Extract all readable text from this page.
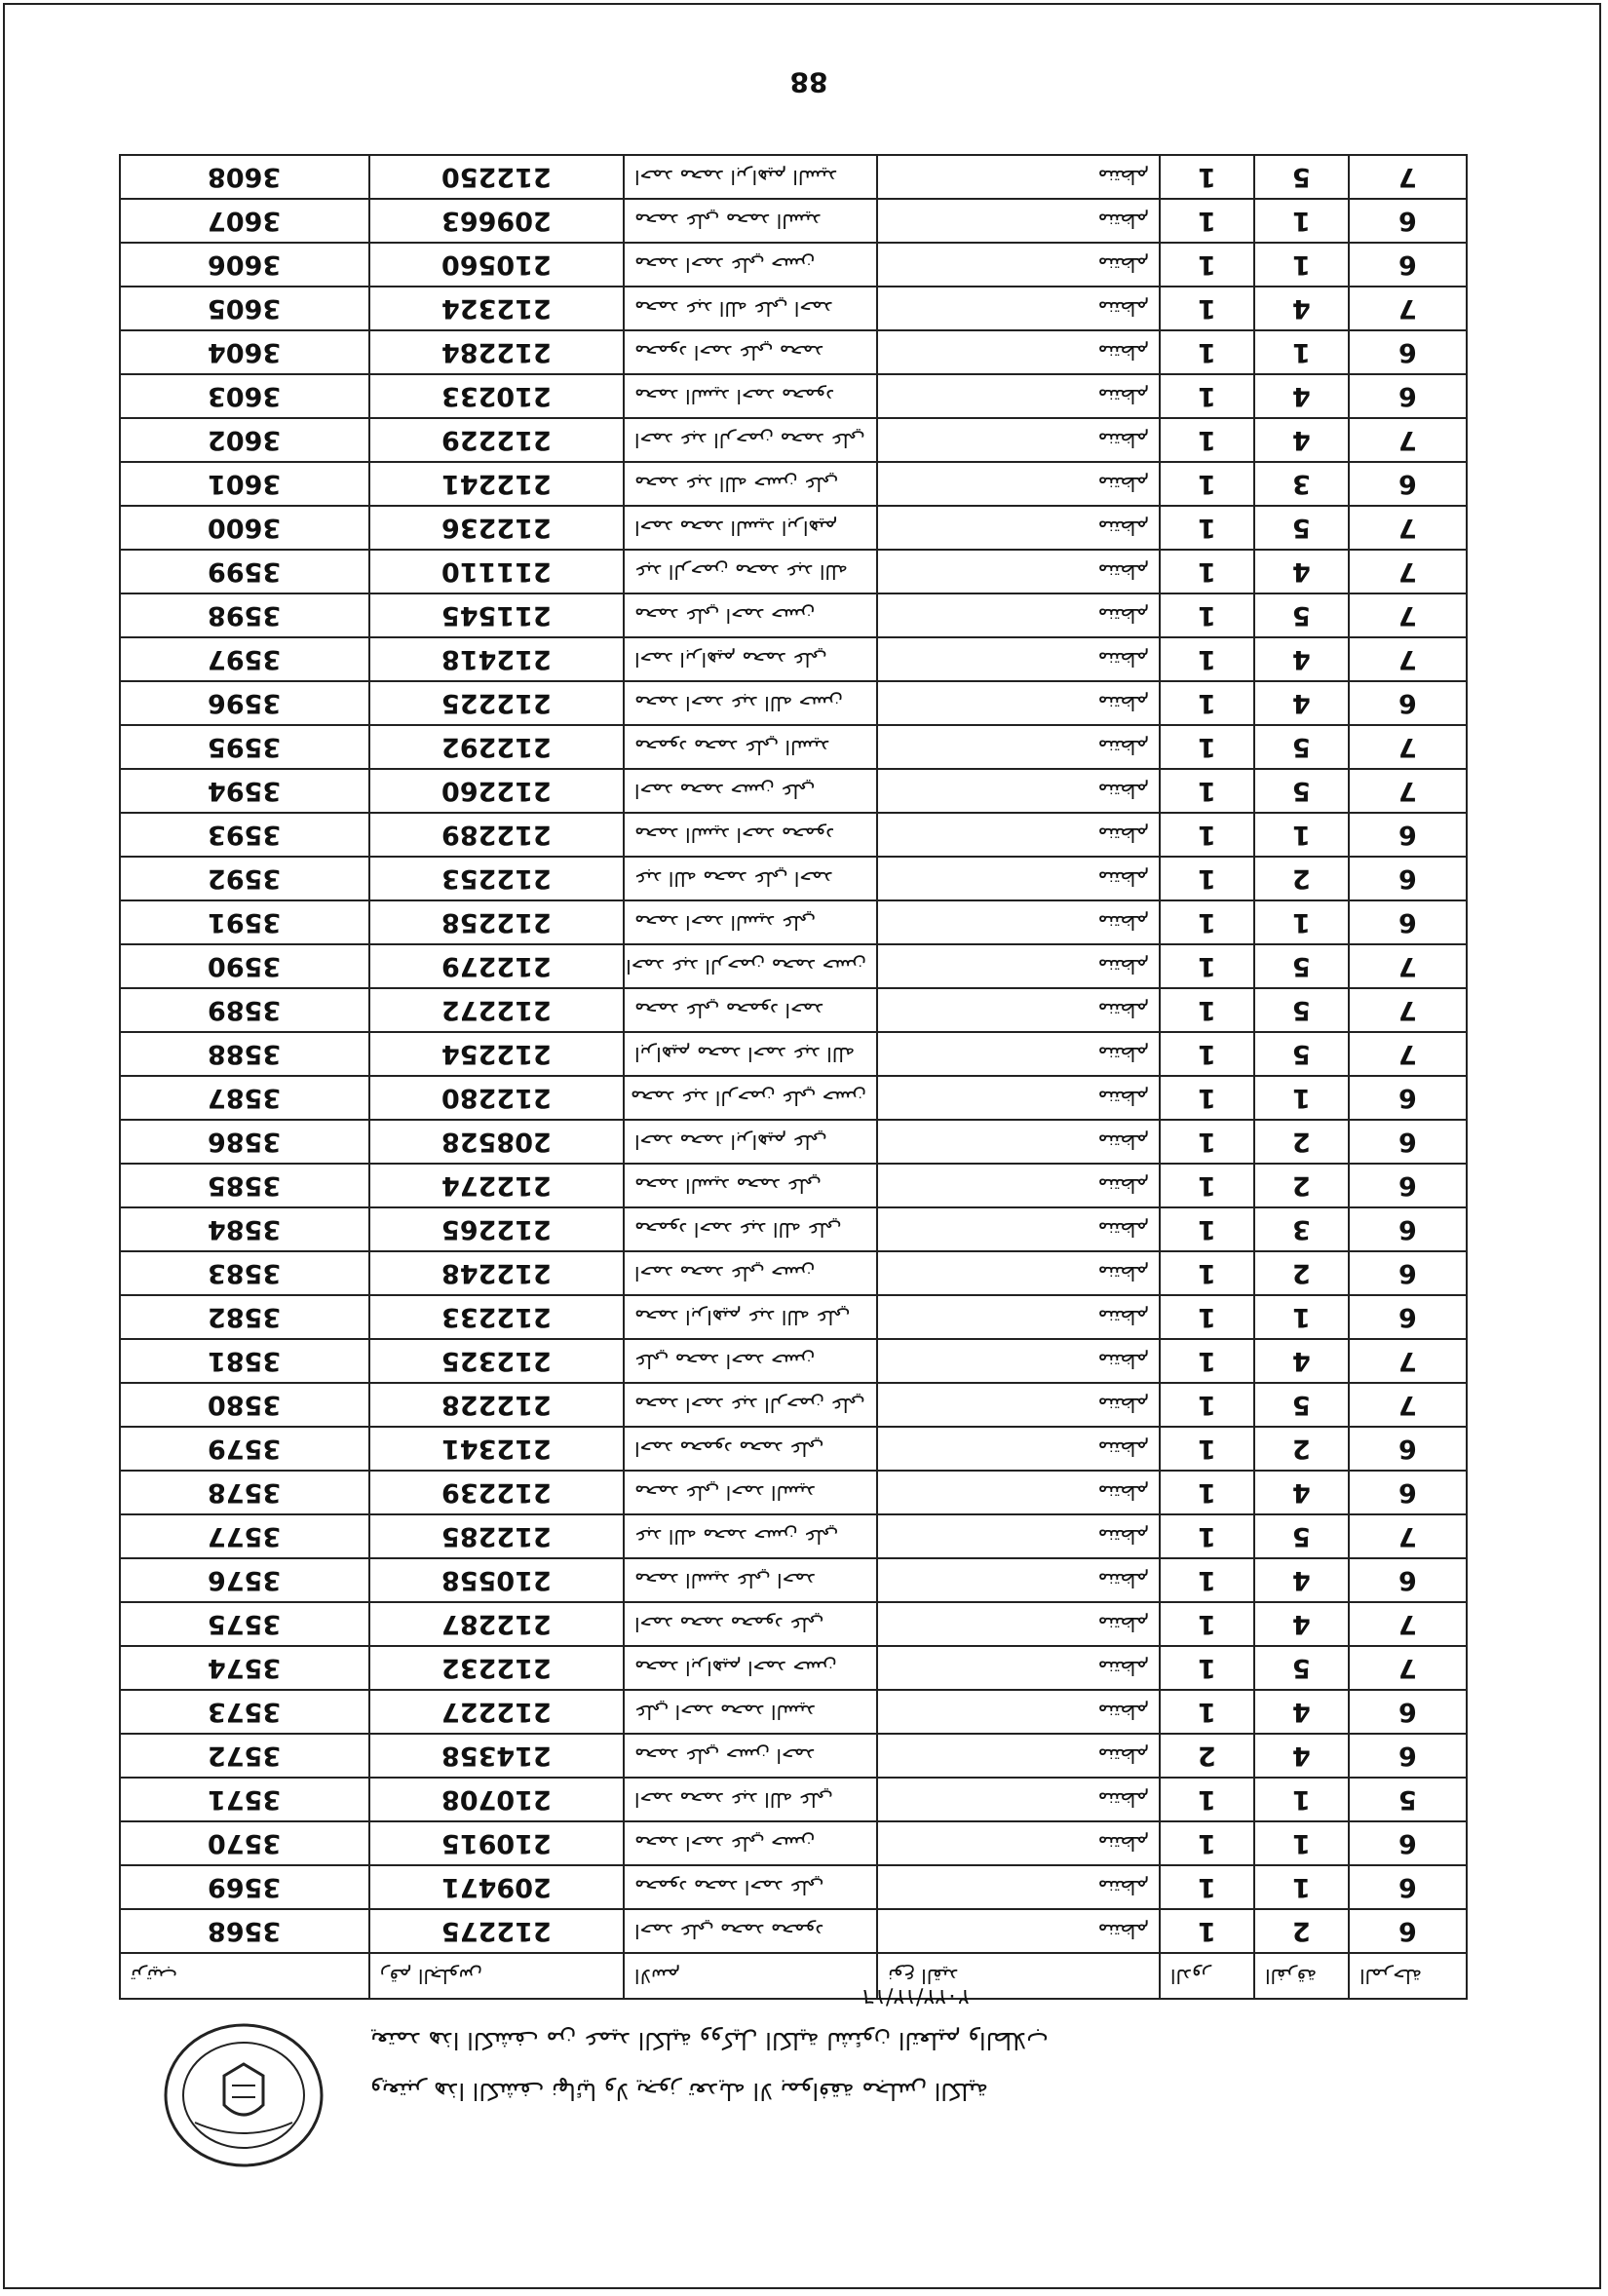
88
3608	212250	احمد محمد ابراهيم السيد	منتظم	1	5	7
3607	209663	محمد علي محمد السيد	منتظم	1	1	6
3606	210560	محمد احمد علي حسن	منتظم	1	1	6
3605	212324	محمد عبد الله علي احمد	منتظم	1	4	7
3604	212284	محمود احمد علي محمد	منتظم	1	1	6
3603	210233	محمد السيد احمد محمود	منتظم	1	4	6
3602	212229	احمد عبد الرحمن محمد علي	منتظم	1	4	7
3601	212241	محمد عبد الله حسن علي	منتظم	1	3	6
3600	212236	احمد محمد السيد ابراهيم	منتظم	1	5	7
3599	211110	عبد الرحمن محمد عبد الله	منتظم	1	4	7
3598	211545	محمد علي احمد حسن	منتظم	1	5	7
3597	212418	احمد ابراهيم محمد علي	منتظم	1	4	7
3596	212225	محمد احمد عبد الله حسن	منتظم	1	4	6
3595	212292	محمود محمد علي السيد	منتظم	1	5	7
3594	212260	احمد محمد حسن علي	منتظم	1	5	7
3593	212289	محمد السيد احمد محمود	منتظم	1	1	6
3592	212253	عبد الله محمد علي احمد	منتظم	1	2	6
3591	212258	محمد احمد السيد علي	منتظم	1	1	6
3590	212279	احمد عبد الرحمن محمد حسن	منتظم	1	5	7
3589	212272	محمد علي محمود احمد	منتظم	1	5	7
3588	212254	ابراهيم محمد احمد عبد الله	منتظم	1	5	7
3587	212280	محمد عبد الرحمن علي حسن	منتظم	1	1	6
3586	208528	احمد محمد ابراهيم علي	منتظم	1	2	6
3585	212274	محمد السيد محمد علي	منتظم	1	2	6
3584	212265	محمود احمد عبد الله علي	منتظم	1	3	6
3583	212248	احمد محمد علي حسن	منتظم	1	2	6
3582	212233	محمد ابراهيم عبد الله علي	منتظم	1	1	6
3581	212325	علي محمد احمد حسن	منتظم	1	4	7
3580	212228	محمد احمد عبد الرحمن علي	منتظم	1	5	7
3579	212341	احمد محمود محمد علي	منتظم	1	2	6
3578	212239	محمد علي احمد السيد	منتظم	1	4	6
3577	212285	عبد الله محمد حسن علي	منتظم	1	5	7
3576	210558	محمد السيد علي احمد	منتظم	1	4	6
3575	212287	احمد محمد محمود علي	منتظم	1	4	7
3574	212232	محمد ابراهيم احمد حسن	منتظم	1	5	7
3573	212227	علي احمد محمد السيد	منتظم	1	4	6
3572	214358	محمد علي حسن احمد	منتظم	2	4	6
3571	210708	احمد محمد عبد الله علي	منتظم	1	1	5
3570	210915	محمد احمد علي حسن	منتظم	1	1	6
3569	209471	محمود محمد احمد علي	منتظم	1	1	6
3568	212275	احمد علي محمد محمود	منتظم	1	2	6

ترتيب	رقم الجلوس	الاسم	نوع القيد	الدور	الفرقة	المرحلة
٢٠٢٢/١٢/١٦
يعتمد هذا الكشف من عميد الكلية ووكيل الكلية لشئون التعليم والطلاب
ويعتبر هذا الكشف نهائيا ولا يجوز تعديله الا بموافقة مجلس الكلية
